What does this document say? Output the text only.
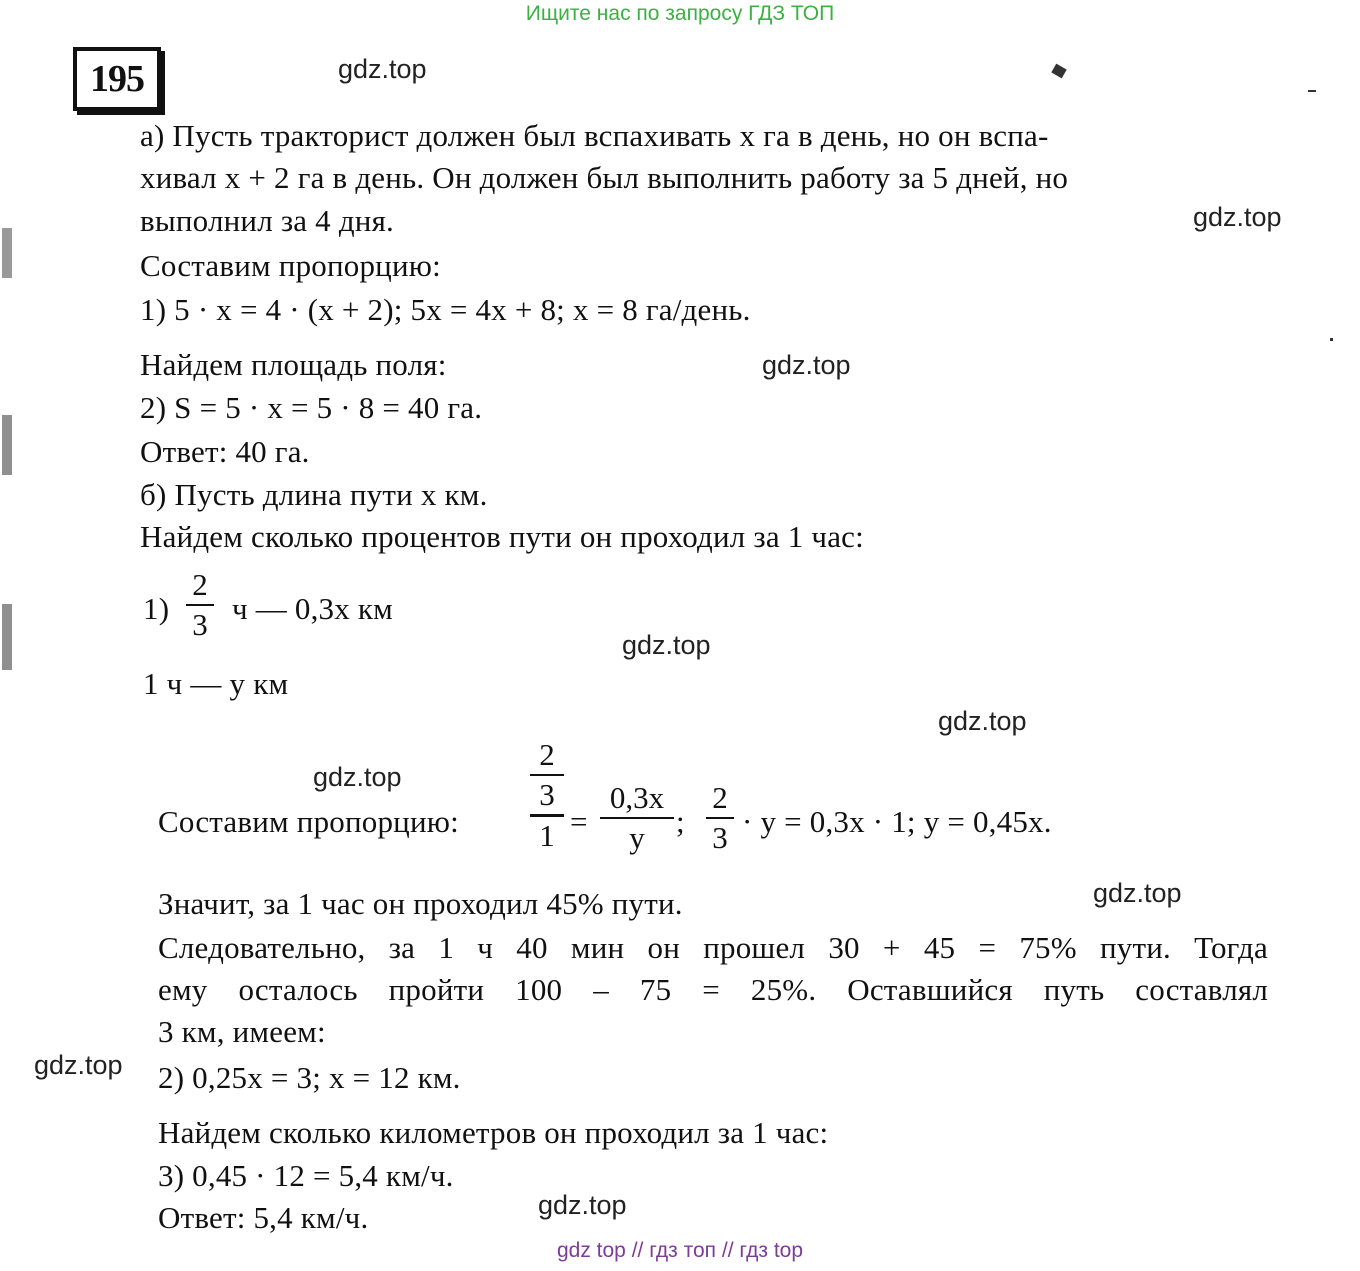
Ищите нас по запросу ГДЗ ТОП
195	gdz.top
gdz.top
gdz.top
gdz.top
gdz.top
gdz.top
gdz.top
gdz.top
gdz.top
а) Пусть тракторист должен был вспахивать x га в день, но он вспа-
хивал x + 2 га в день. Он должен был выполнить работу за 5 дней, но
выполнил за 4 дня.
Составим пропорцию:
1) 5 · x = 4 · (x + 2); 5x = 4x + 8; x = 8 га/день.
Найдем площадь поля:
2) S = 5 · x = 5 · 8 = 40 га.
Ответ: 40 га.
б) Пусть длина пути x км.
Найдем сколько процентов пути он проходил за 1 час:
1)
2
3 ч — 0,3x км
1 ч — y км
Составим пропорцию:
2
3
1 =
0,3x
y	;
2
3 · y = 0,3x · 1; y = 0,45x.
Значит, за 1 час он проходил 45% пути.
Следовательно, за 1 ч 40 мин он прошел 30 + 45 = 75% пути. Тогда
ему осталось пройти 100 – 75 = 25%. Оставшийся путь составлял
3 км, имеем:
2) 0,25x = 3; x = 12 км.
Найдем сколько километров он проходил за 1 час:
3) 0,45 · 12 = 5,4 км/ч.
Ответ: 5,4 км/ч.
gdz top // гдз топ // гдз top
